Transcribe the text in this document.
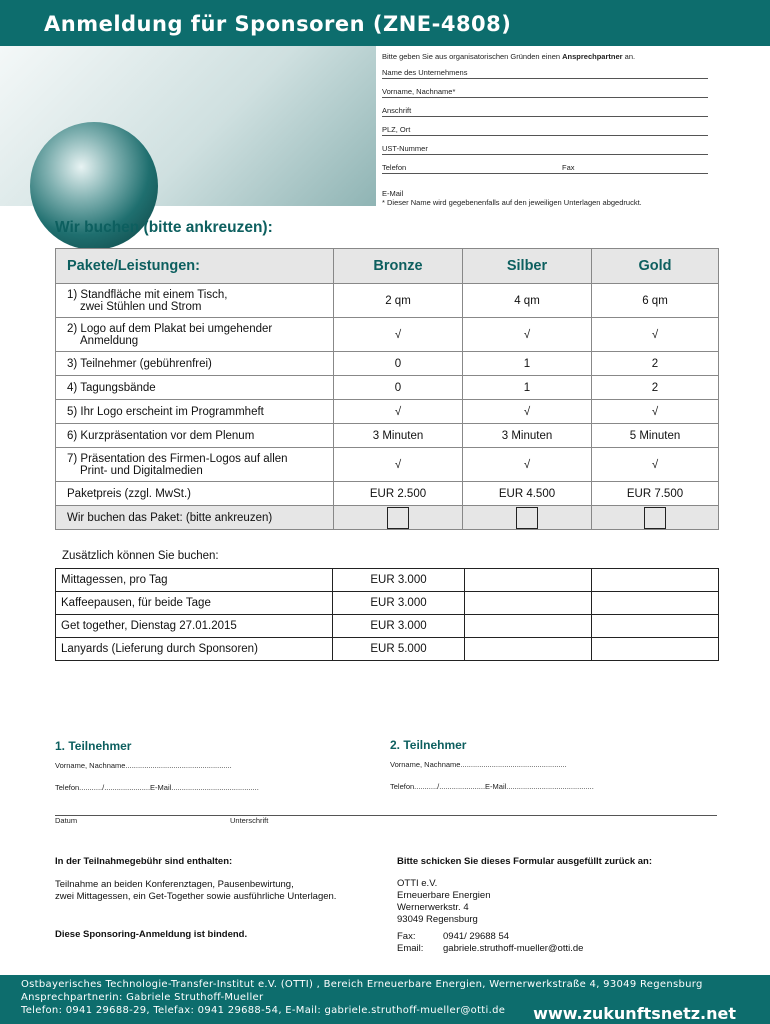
Anmeldung für Sponsoren (ZNE-4808)
Bitte geben Sie aus organisatorischen Gründen einen Ansprechpartner an.
Name des Unternehmens
Vorname, Nachname*
Anschrift
PLZ, Ort
UST-Nummer
Telefon	Fax
E-Mail
* Dieser Name wird gegebenenfalls auf den jeweiligen Unterlagen abgedruckt.
Wir buchen (bitte ankreuzen):
Pakete/Leistungen:	Bronze	Silber	Gold

1) Standfläche mit einem Tisch,
zwei Stühlen und Strom	2 qm	4 qm	6 qm

2) Logo auf dem Plakat bei umgehender
Anmeldung	√	√	√
3) Teilnehmer (gebührenfrei)	0	1	2
4) Tagungsbände	0	1	2
5) Ihr Logo erscheint im Programmheft	√	√	√
6) Kurzpräsentation vor dem Plenum	3 Minuten	3 Minuten	5 Minuten

7) Präsentation des Firmen-Logos auf allen
Print- und Digitalmedien	√	√	√
Paketpreis (zzgl. MwSt.)	EUR 2.500	EUR 4.500	EUR 7.500
Wir buchen das Paket: (bitte ankreuzen)			
Zusätzlich können Sie buchen:
Mittagessen, pro Tag	EUR 3.000		
Kaffeepausen, für beide Tage	EUR 3.000		
Get together, Dienstag 27.01.2015	EUR 3.000		
Lanyards (Lieferung durch Sponsoren)	EUR 5.000		
1. Teilnehmer	2. Teilnehmer
Vorname, Nachname...................................................	Vorname, Nachname...................................................
Telefon.........../......................E-Mail..........................................	Telefon.........../......................E-Mail..........................................
Datum	Unterschrift
In der Teilnahmegebühr sind enthalten:
Teilnahme an beiden Konferenztagen, Pausenbewirtung,
zwei Mittagessen, ein Get-Together sowie ausführliche Unterlagen.
Diese Sponsoring-Anmeldung ist bindend.
Bitte schicken Sie dieses Formular ausgefüllt zurück an:
OTTI e.V.
Erneuerbare Energien
Wernerwerkstr. 4
93049 Regensburg
Fax:	0941/ 29688 54
Email: gabriele.struthoff-mueller@otti.de
Ostbayerisches Technologie-Transfer-Institut e.V. (OTTI) , Bereich Erneuerbare Energien, Wernerwerkstraße 4, 93049 Regensburg
Ansprechpartnerin: Gabriele Struthoff-Mueller
Telefon: 0941 29688-29, Telefax: 0941 29688-54, E-Mail: gabriele.struthoff-mueller@otti.de www.zukunftsnetz.net
